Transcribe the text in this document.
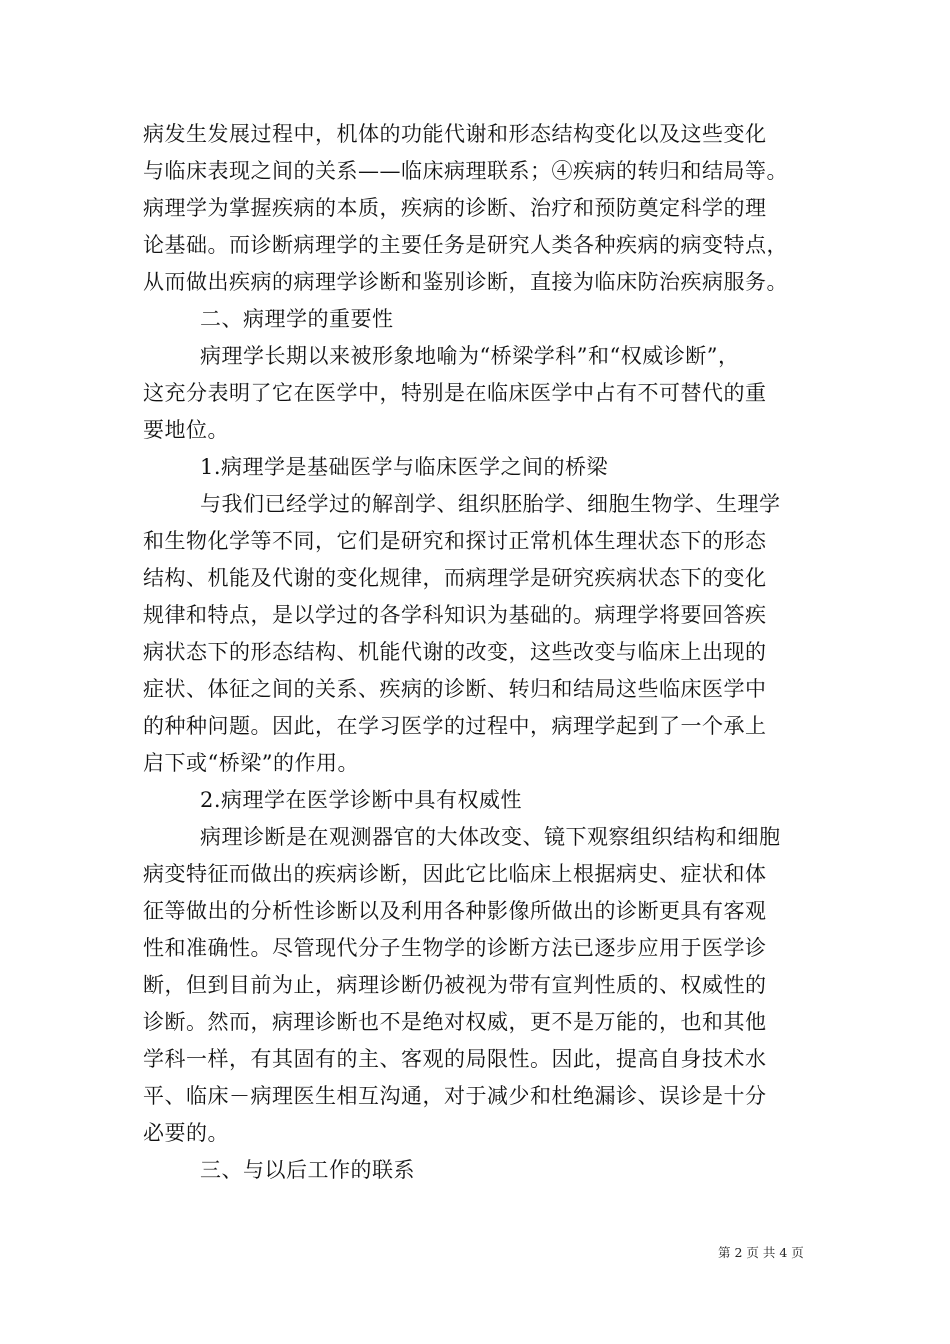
病发生发展过程中，机体的功能代谢和形态结构变化以及这些变化
与临床表现之间的关系——临床病理联系；④疾病的转归和结局等。
病理学为掌握疾病的本质，疾病的诊断、治疗和预防奠定科学的理
论基础。而诊断病理学的主要任务是研究人类各种疾病的病变特点，
从而做出疾病的病理学诊断和鉴别诊断，直接为临床防治疾病服务。
二、病理学的重要性
病理学长期以来被形象地喻为“桥梁学科”和“权威诊断”，
这充分表明了它在医学中，特别是在临床医学中占有不可替代的重
要地位。
1.病理学是基础医学与临床医学之间的桥梁
与我们已经学过的解剖学、组织胚胎学、细胞生物学、生理学
和生物化学等不同，它们是研究和探讨正常机体生理状态下的形态
结构、机能及代谢的变化规律，而病理学是研究疾病状态下的变化
规律和特点，是以学过的各学科知识为基础的。病理学将要回答疾
病状态下的形态结构、机能代谢的改变，这些改变与临床上出现的
症状、体征之间的关系、疾病的诊断、转归和结局这些临床医学中
的种种问题。因此，在学习医学的过程中，病理学起到了一个承上
启下或“桥梁”的作用。
2.病理学在医学诊断中具有权威性
病理诊断是在观测器官的大体改变、镜下观察组织结构和细胞
病变特征而做出的疾病诊断，因此它比临床上根据病史、症状和体
征等做出的分析性诊断以及利用各种影像所做出的诊断更具有客观
性和准确性。尽管现代分子生物学的诊断方法已逐步应用于医学诊
断，但到目前为止，病理诊断仍被视为带有宣判性质的、权威性的
诊断。然而，病理诊断也不是绝对权威，更不是万能的，也和其他
学科一样，有其固有的主、客观的局限性。因此，提高自身技术水
平、临床－病理医生相互沟通，对于减少和杜绝漏诊、误诊是十分
必要的。
三、与以后工作的联系
第 2 页 共 4 页
